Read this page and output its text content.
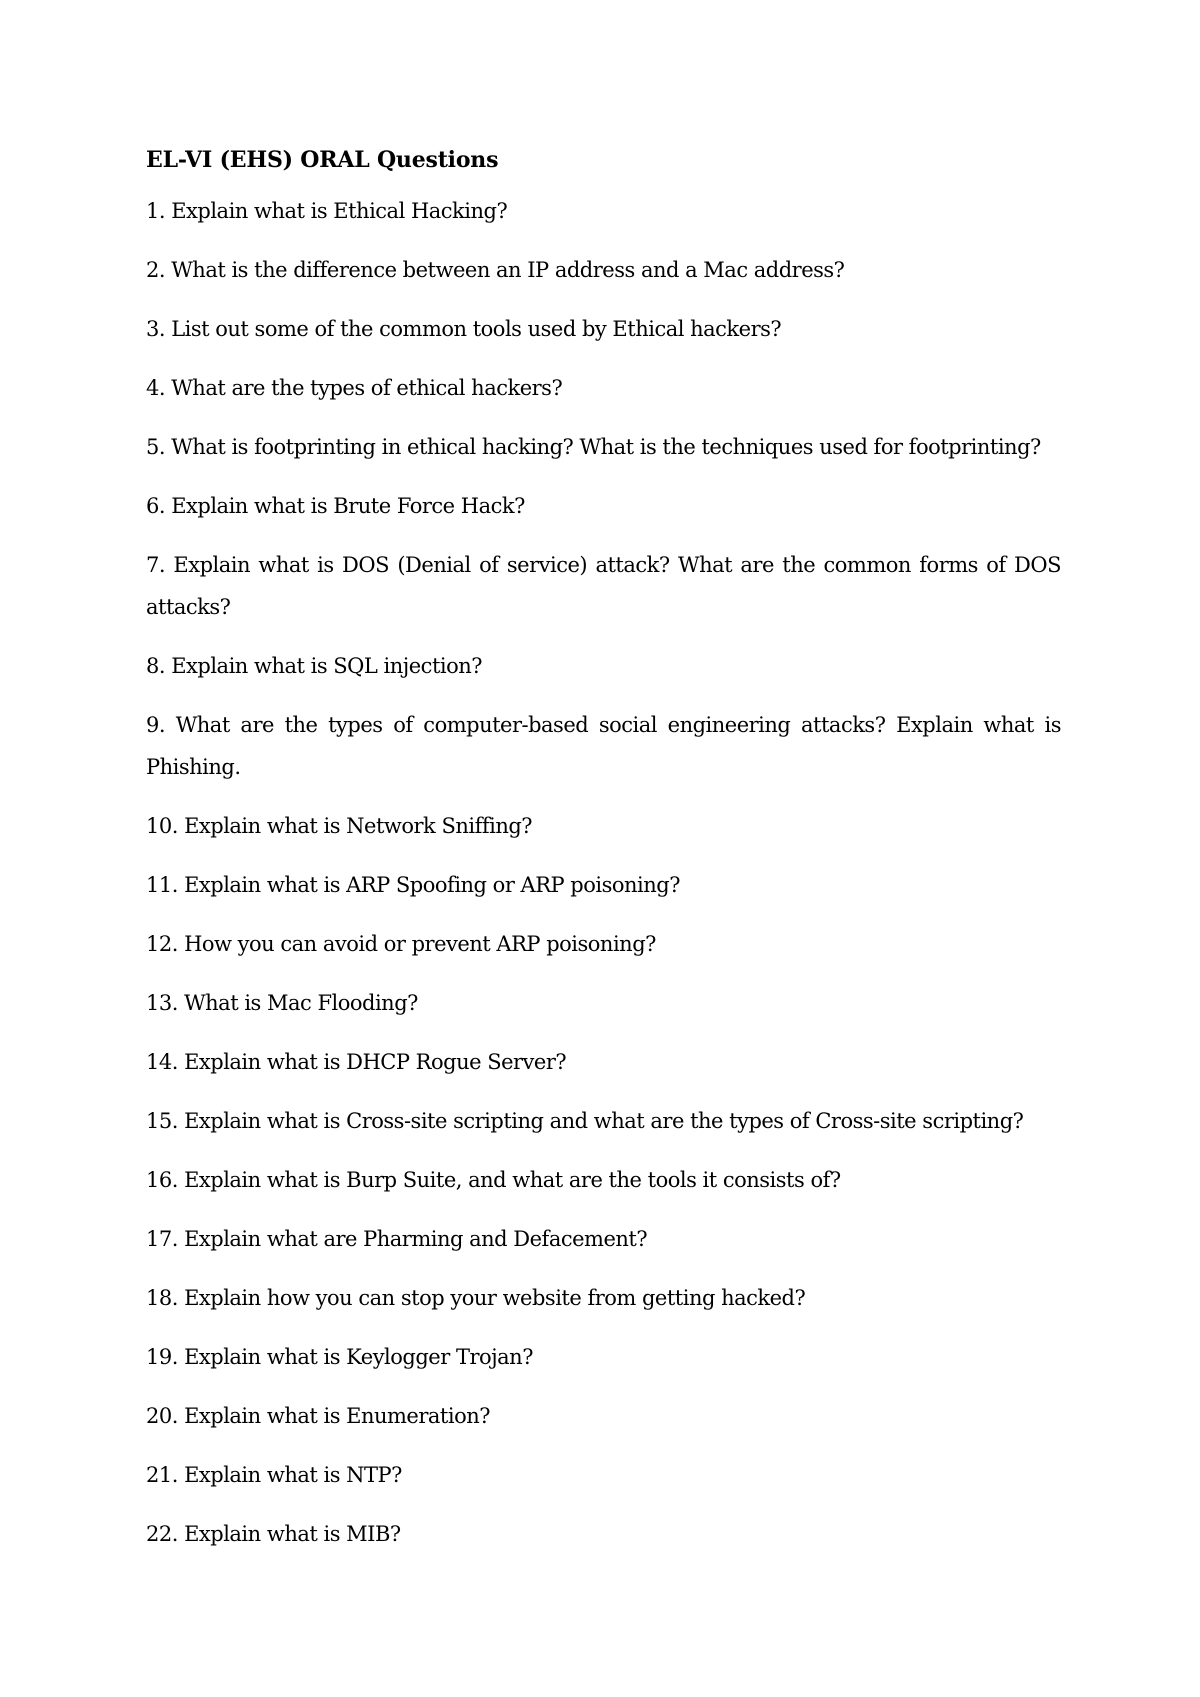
EL-VI (EHS) ORAL Questions
1. Explain what is Ethical Hacking?
2. What is the difference between an IP address and a Mac address?
3. List out some of the common tools used by Ethical hackers?
4. What are the types of ethical hackers?
5. What is footprinting in ethical hacking? What is the techniques used for footprinting?
6. Explain what is Brute Force Hack?
7. Explain what is DOS (Denial of service) attack? What are the common forms of DOS attacks?
8. Explain what is SQL injection?
9. What are the types of computer-based social engineering attacks? Explain what is Phishing.
10. Explain what is Network Sniffing?
11. Explain what is ARP Spoofing or ARP poisoning?
12. How you can avoid or prevent ARP poisoning?
13. What is Mac Flooding?
14. Explain what is DHCP Rogue Server?
15. Explain what is Cross-site scripting and what are the types of Cross-site scripting?
16. Explain what is Burp Suite, and what are the tools it consists of?
17. Explain what are Pharming and Defacement?
18. Explain how you can stop your website from getting hacked?
19. Explain what is Keylogger Trojan?
20. Explain what is Enumeration?
21. Explain what is NTP?
22. Explain what is MIB?
